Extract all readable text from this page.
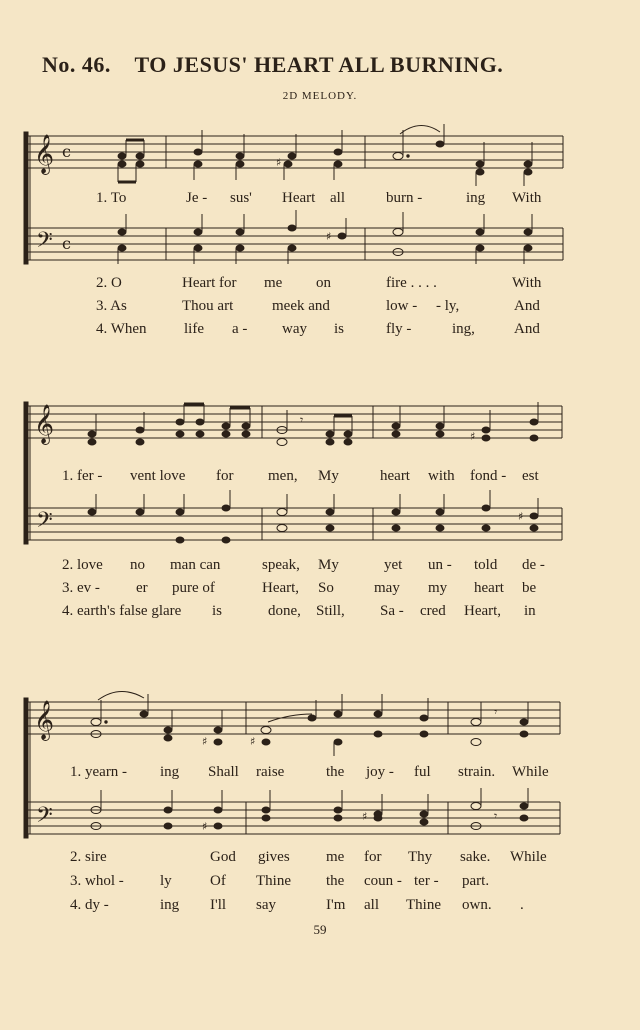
No. 46. TO JESUS' HEART ALL BURNING.
2D MELODY.
𝄞
𝄢
c
c
♯
♯
𝄞
𝄢
𝄾
♯
♯
𝄞
𝄢
♯	♯
𝄾
♯
♯	𝄾
1. To	Je - sus' Heart all	burn -	ing With
2. O	Heart for me on	fire . . . .	With
3. As	Thou art	meek and	low - - ly,	And
4. When life a - way is	fly -	ing,	And
1. fer - vent love for men, My	heart with fond - est
2. love no man can	speak, My	yet un - told de -
3. ev - er pure of	Heart, So	may my heart be
4. earth's false glare is	done, Still, Sa - cred Heart, in
1. yearn - ing Shall raise	the joy - ful strain. While
2. sire	God gives me for Thy sake. While
3. whol - ly	Of Thine the coun - ter - part.
4. dy -	ing I'll say	I'm all Thine own. .
59
